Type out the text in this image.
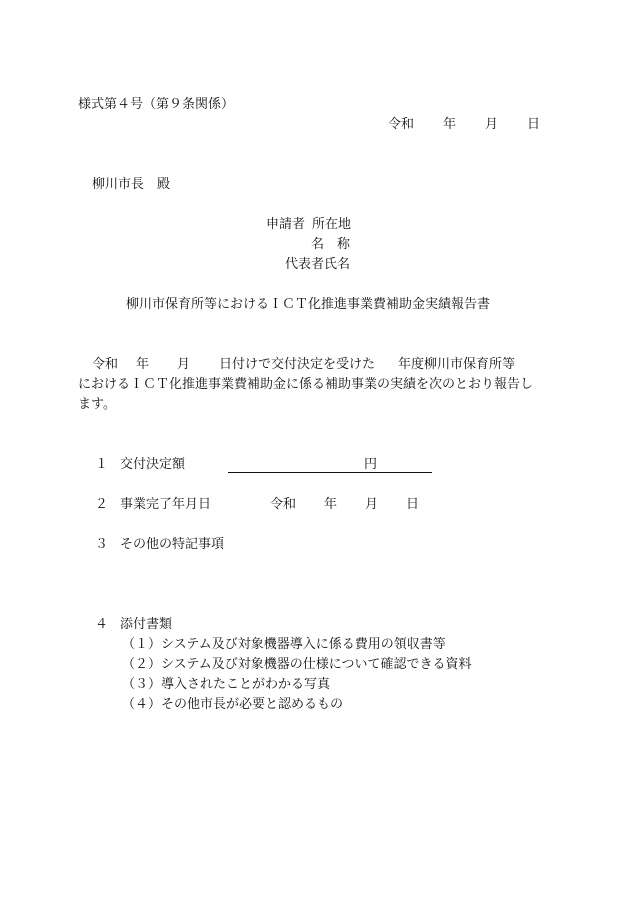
様式第４号（第９条関係）
令和 年 月 日
柳川市長　殿
申請者 所在地
名　称
代表者氏名
柳川市保育所等におけるＩＣＴ化推進事業費補助金実績報告書
令和 年 月 日付けで交付決定を受けた 年度柳川市保育所等
におけるＩＣＴ化推進事業費補助金に係る補助事業の実績を次のとおり報告し
ます。
１ 交付決定額	円
２ 事業完了年月日	令和 年 月 日
３ その他の特記事項
４ 添付書類
（１）システム及び対象機器導入に係る費用の領収書等
（２）システム及び対象機器の仕様について確認できる資料
（３）導入されたことがわかる写真
（４）その他市長が必要と認めるもの
